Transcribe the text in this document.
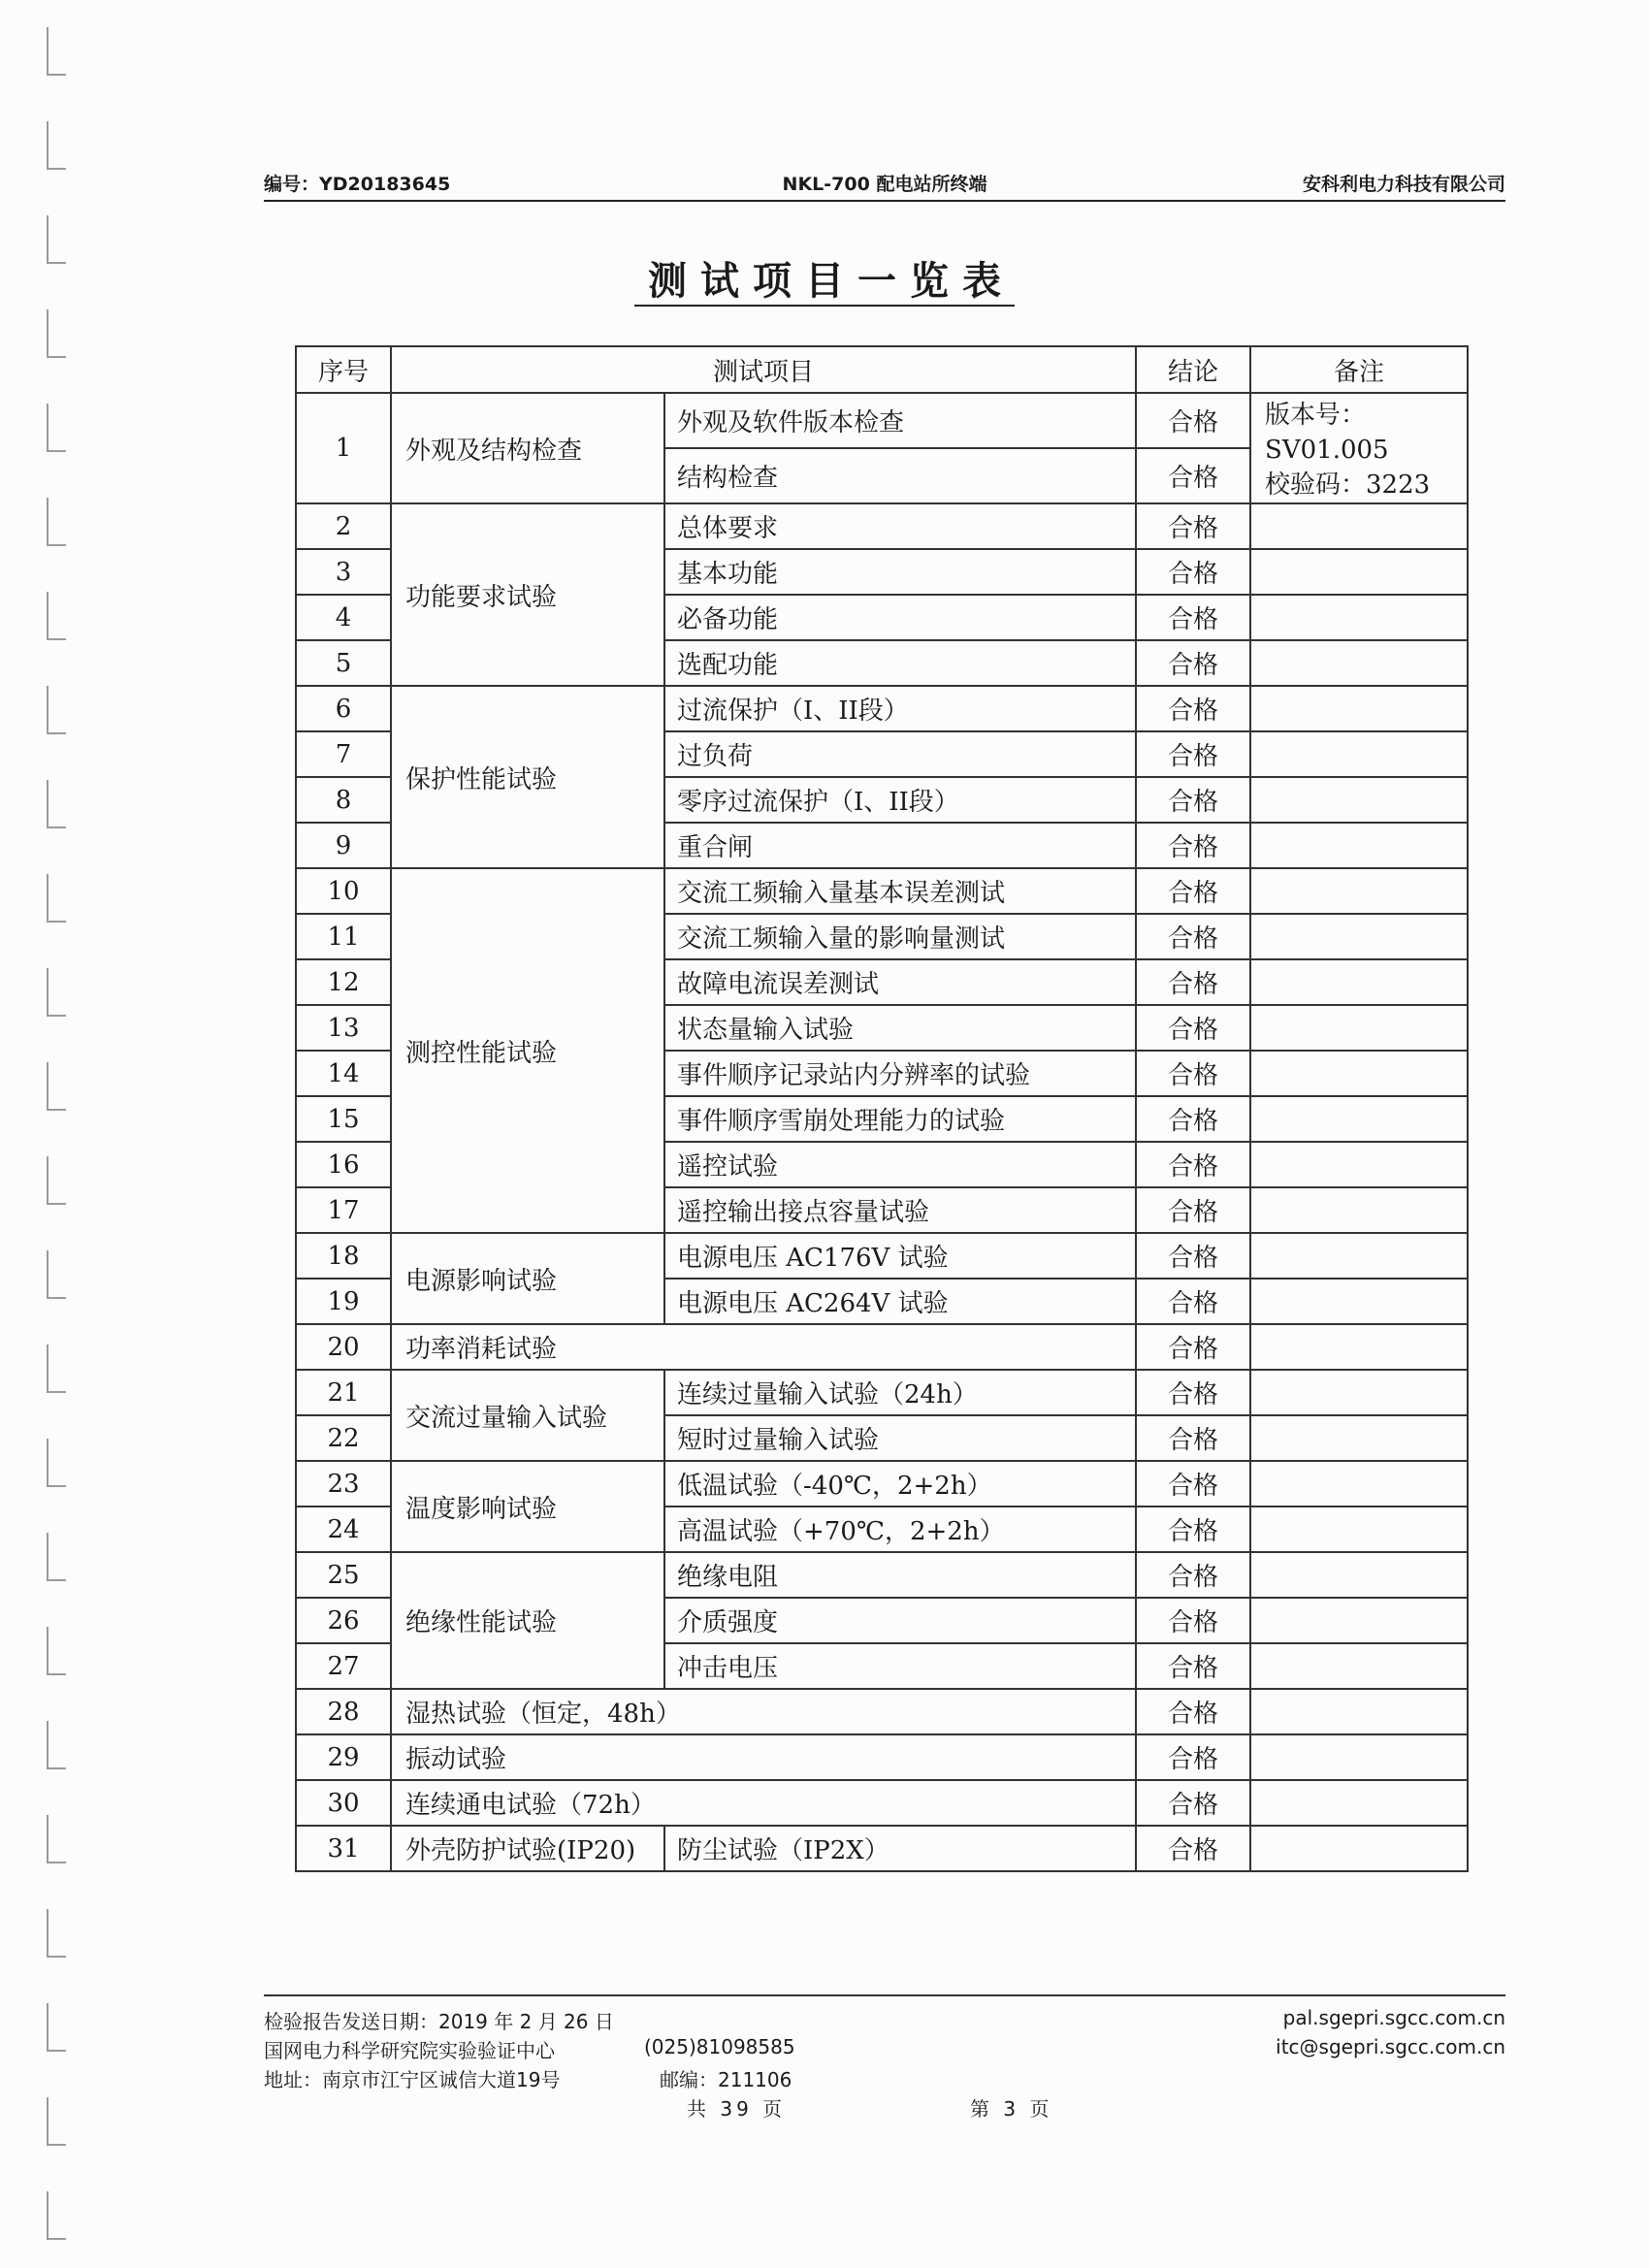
编号：YD20183645	NKL-700 配电站所终端	安科利电力科技有限公司
测试项目一览表
序号	测试项目		结论	备注
1	外观及结构检查	外观及软件版本检查	合格	版本号：
SV01.005
校验码：3223

		结构检查	合格	
2	功能要求试验	总体要求	合格	
3		基本功能	合格	
4		必备功能	合格	
5		选配功能	合格	
6	保护性能试验	过流保护（I、II段）	合格	
7		过负荷	合格	
8		零序过流保护（I、II段）	合格	
9		重合闸	合格	
10	测控性能试验	交流工频输入量基本误差测试	合格	
11		交流工频输入量的影响量测试	合格	
12		故障电流误差测试	合格	
13		状态量输入试验	合格	
14		事件顺序记录站内分辨率的试验	合格	
15		事件顺序雪崩处理能力的试验	合格	
16		遥控试验	合格	
17		遥控输出接点容量试验	合格	
18	电源影响试验	电源电压 AC176V 试验	合格	
19		电源电压 AC264V 试验	合格	
20	功率消耗试验		合格	
21	交流过量输入试验	连续过量输入试验（24h）	合格	
22		短时过量输入试验	合格	
23	温度影响试验	低温试验（-40℃，2+2h）	合格	
24		高温试验（+70℃，2+2h）	合格	
25	绝缘性能试验	绝缘电阻	合格	
26		介质强度	合格	
27		冲击电压	合格	
28	湿热试验（恒定，48h）		合格	
29	振动试验		合格	
30	连续通电试验（72h）		合格	
31	外壳防护试验(IP20)	防尘试验（IP2X）	合格	
检验报告发送日期：2019 年 2 月 26 日
国网电力科学研究院实验验证中心	(025)81098585
地址：南京市江宁区诚信大道19号	邮编：211106
pal.sgepri.sgcc.com.cn
itc@sgepri.sgcc.com.cn
共 39 页	第 3 页
